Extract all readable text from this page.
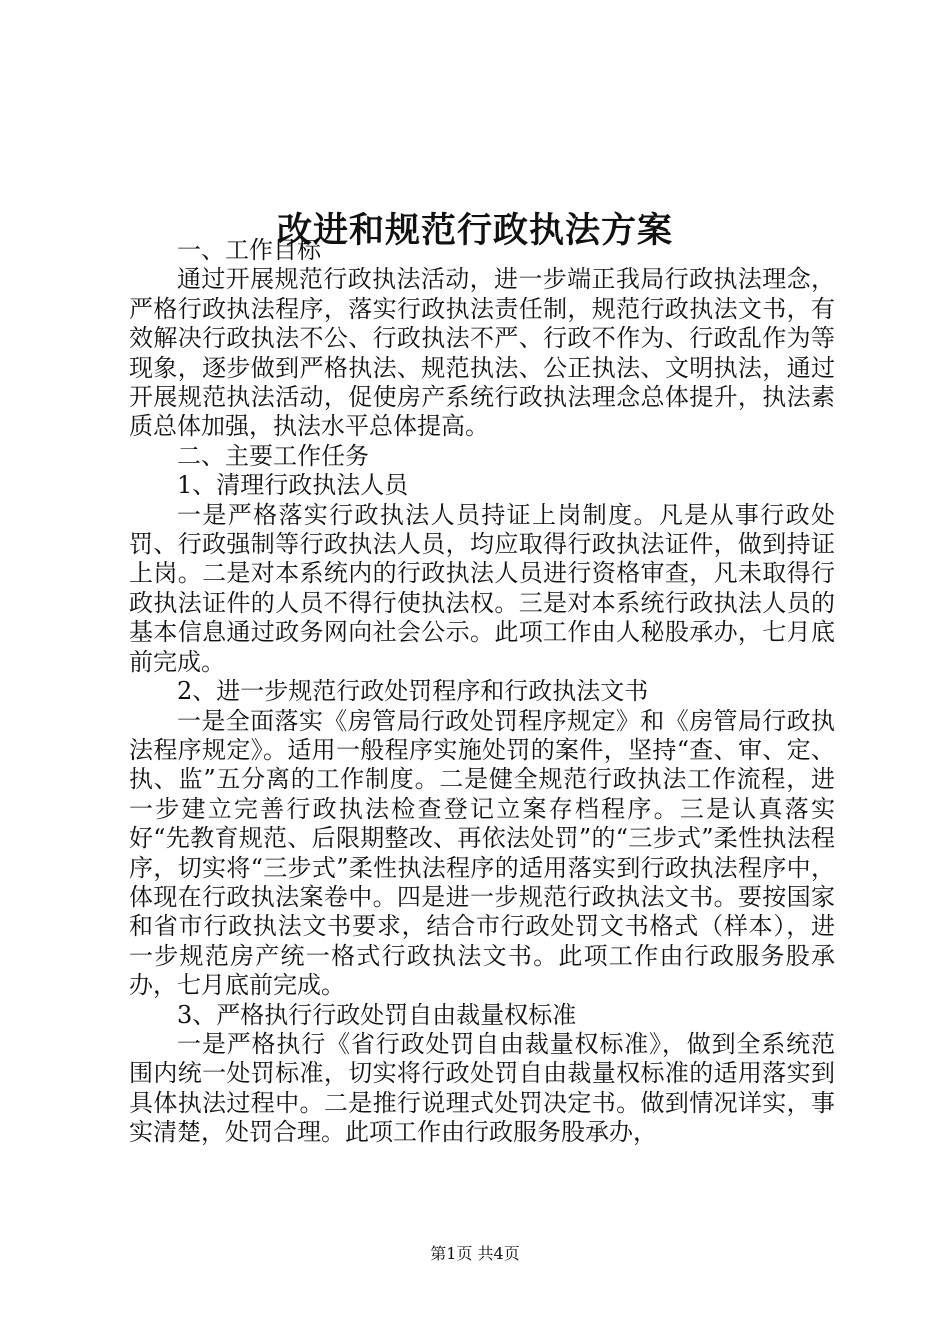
改进和规范行政执法方案

一、工作目标

通过开展规范行政执法活动，进一步端正我局行政执法理念，严格行政执法程序，落实行政执法责任制，规范行政执法文书，有效解决行政执法不公、行政执法不严、行政不作为、行政乱作为等现象，逐步做到严格执法、规范执法、公正执法、文明执法，通过开展规范执法活动，促使房产系统行政执法理念总体提升，执法素质总体加强，执法水平总体提高。

二、主要工作任务

1、清理行政执法人员

一是严格落实行政执法人员持证上岗制度。凡是从事行政处罚、行政强制等行政执法人员，均应取得行政执法证件，做到持证上岗。二是对本系统内的行政执法人员进行资格审查，凡未取得行政执法证件的人员不得行使执法权。三是对本系统行政执法人员的基本信息通过政务网向社会公示。此项工作由人秘股承办，七月底前完成。

2、进一步规范行政处罚程序和行政执法文书

一是全面落实《房管局行政处罚程序规定》和《房管局行政执法程序规定》。适用一般程序实施处罚的案件，坚持“查、审、定、执、监”五分离的工作制度。二是健全规范行政执法工作流程，进一步建立完善行政执法检查登记立案存档程序。三是认真落实好“先教育规范、后限期整改、再依法处罚”的“三步式”柔性执法程序，切实将“三步式”柔性执法程序的适用落实到行政执法程序中，体现在行政执法案卷中。四是进一步规范行政执法文书。要按国家和省市行政执法文书要求，结合市行政处罚文书格式（样本），进一步规范房产统一格式行政执法文书。此项工作由行政服务股承办，七月底前完成。

3、严格执行行政处罚自由裁量权标准

一是严格执行《省行政处罚自由裁量权标准》，做到全系统范围内统一处罚标准，切实将行政处罚自由裁量权标准的适用落实到具体执法过程中。二是推行说理式处罚决定书。做到情况详实，事实清楚，处罚合理。此项工作由行政服务股承办，

第1页 共4页
